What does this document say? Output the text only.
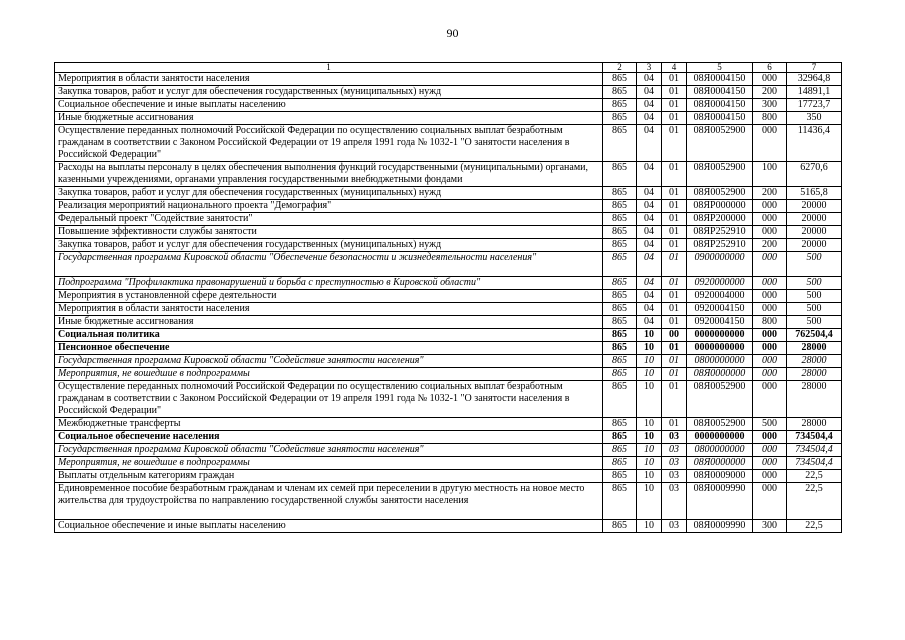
90
1	2	3	4	5	6	7
Мероприятия в области занятости населения	865	04	01	08Я0004150	000	32964,8
Закупка товаров, работ и услуг для обеспечения государственных (муниципальных) нужд	865	04	01	08Я0004150	200	14891,1
Социальное обеспечение и иные выплаты населению	865	04	01	08Я0004150	300	17723,7
Иные бюджетные ассигнования	865	04	01	08Я0004150	800	350
Осуществление переданных полномочий Российской Федерации по осуществлению социальных выплат безработным гражданам в соответствии с Законом Российской Федерации от 19 апреля 1991 года № 1032-1 "О занятости населения в Российской Федерации"	865	04	01	08Я0052900	000	11436,4
Расходы на выплаты персоналу в целях обеспечения выполнения функций государственными (муниципальными) органами, казенными учреждениями, органами управления государственными внебюджетными фондами	865	04	01	08Я0052900	100	6270,6
Закупка товаров, работ и услуг для обеспечения государственных (муниципальных) нужд	865	04	01	08Я0052900	200	5165,8
Реализация мероприятий национального проекта "Демография"	865	04	01	08ЯР000000	000	20000
Федеральный проект "Содействие занятости"	865	04	01	08ЯР200000	000	20000
Повышение эффективности службы занятости	865	04	01	08ЯР252910	000	20000
Закупка товаров, работ и услуг для обеспечения государственных (муниципальных) нужд	865	04	01	08ЯР252910	200	20000
Государственная программа Кировской области "Обеспечение безопасности и жизнедеятельности населения"	865	04	01	0900000000	000	500
Подпрограмма "Профилактика правонарушений и борьба с преступностью в Кировской области"	865	04	01	0920000000	000	500
Мероприятия в установленной сфере деятельности	865	04	01	0920004000	000	500
Мероприятия в области занятости населения	865	04	01	0920004150	000	500
Иные бюджетные ассигнования	865	04	01	0920004150	800	500
Социальная политика	865	10	00	0000000000	000	762504,4
Пенсионное обеспечение	865	10	01	0000000000	000	28000
Государственная программа Кировской области "Содействие занятости населения"	865	10	01	0800000000	000	28000
Мероприятия, не вошедшие в подпрограммы	865	10	01	08Я0000000	000	28000
Осуществление переданных полномочий Российской Федерации по осуществлению социальных выплат безработным гражданам в соответствии с Законом Российской Федерации от 19 апреля 1991 года № 1032-1 "О занятости населения в Российской Федерации"	865	10	01	08Я0052900	000	28000
Межбюджетные трансферты	865	10	01	08Я0052900	500	28000
Социальное обеспечение населения	865	10	03	0000000000	000	734504,4
Государственная программа Кировской области "Содействие занятости населения"	865	10	03	0800000000	000	734504,4
Мероприятия, не вошедшие в подпрограммы	865	10	03	08Я0000000	000	734504,4
Выплаты отдельным категориям граждан	865	10	03	08Я0009000	000	22,5
Единовременное пособие безработным гражданам и членам их семей при переселении в другую местность на новое место жительства для трудоустройства по направлению государственной службы занятости населения	865	10	03	08Я0009990	000	22,5
Социальное обеспечение и иные выплаты населению	865	10	03	08Я0009990	300	22,5
